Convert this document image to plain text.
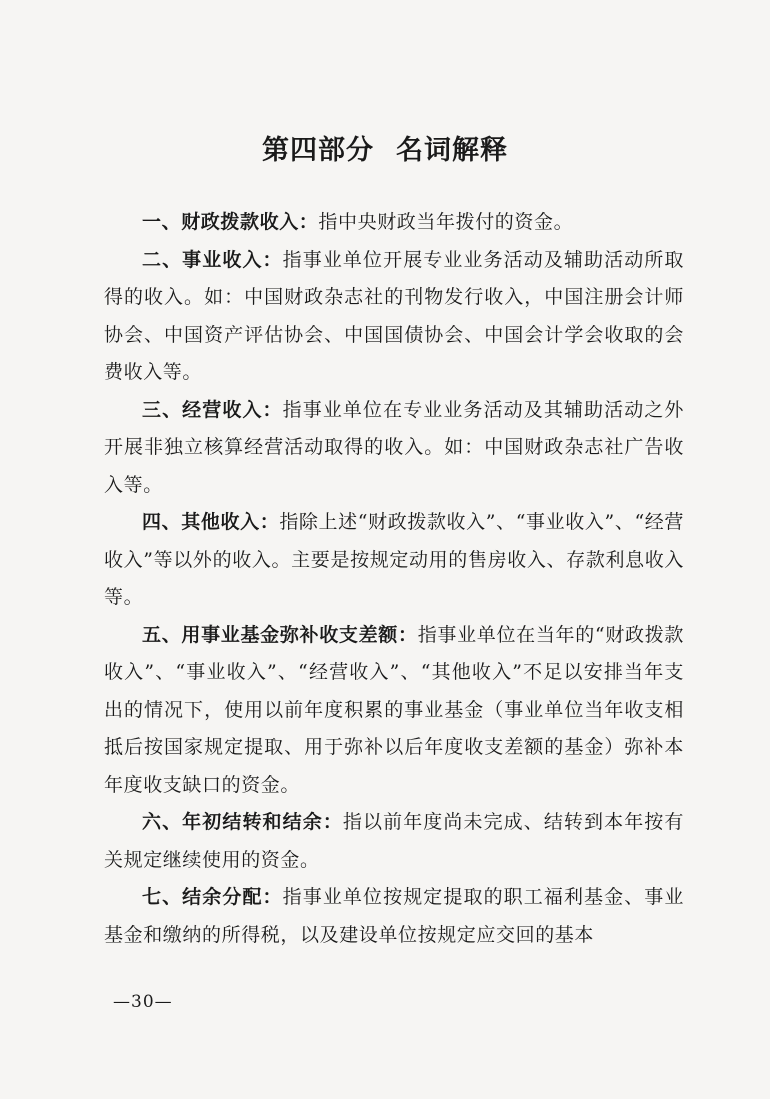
第四部分 名词解释

一、财政拨款收入：指中央财政当年拨付的资金。

二、事业收入：指事业单位开展专业业务活动及辅助活动所取得的收入。如：中国财政杂志社的刊物发行收入，中国注册会计师协会、中国资产评估协会、中国国债协会、中国会计学会收取的会费收入等。

三、经营收入：指事业单位在专业业务活动及其辅助活动之外开展非独立核算经营活动取得的收入。如：中国财政杂志社广告收入等。

四、其他收入：指除上述“财政拨款收入”、“事业收入”、“经营收入”等以外的收入。主要是按规定动用的售房收入、存款利息收入等。

五、用事业基金弥补收支差额：指事业单位在当年的“财政拨款收入”、“事业收入”、“经营收入”、“其他收入”不足以安排当年支出的情况下，使用以前年度积累的事业基金（事业单位当年收支相抵后按国家规定提取、用于弥补以后年度收支差额的基金）弥补本年度收支缺口的资金。

六、年初结转和结余：指以前年度尚未完成、结转到本年按有关规定继续使用的资金。

七、结余分配：指事业单位按规定提取的职工福利基金、事业基金和缴纳的所得税，以及建设单位按规定应交回的基本

—30—
